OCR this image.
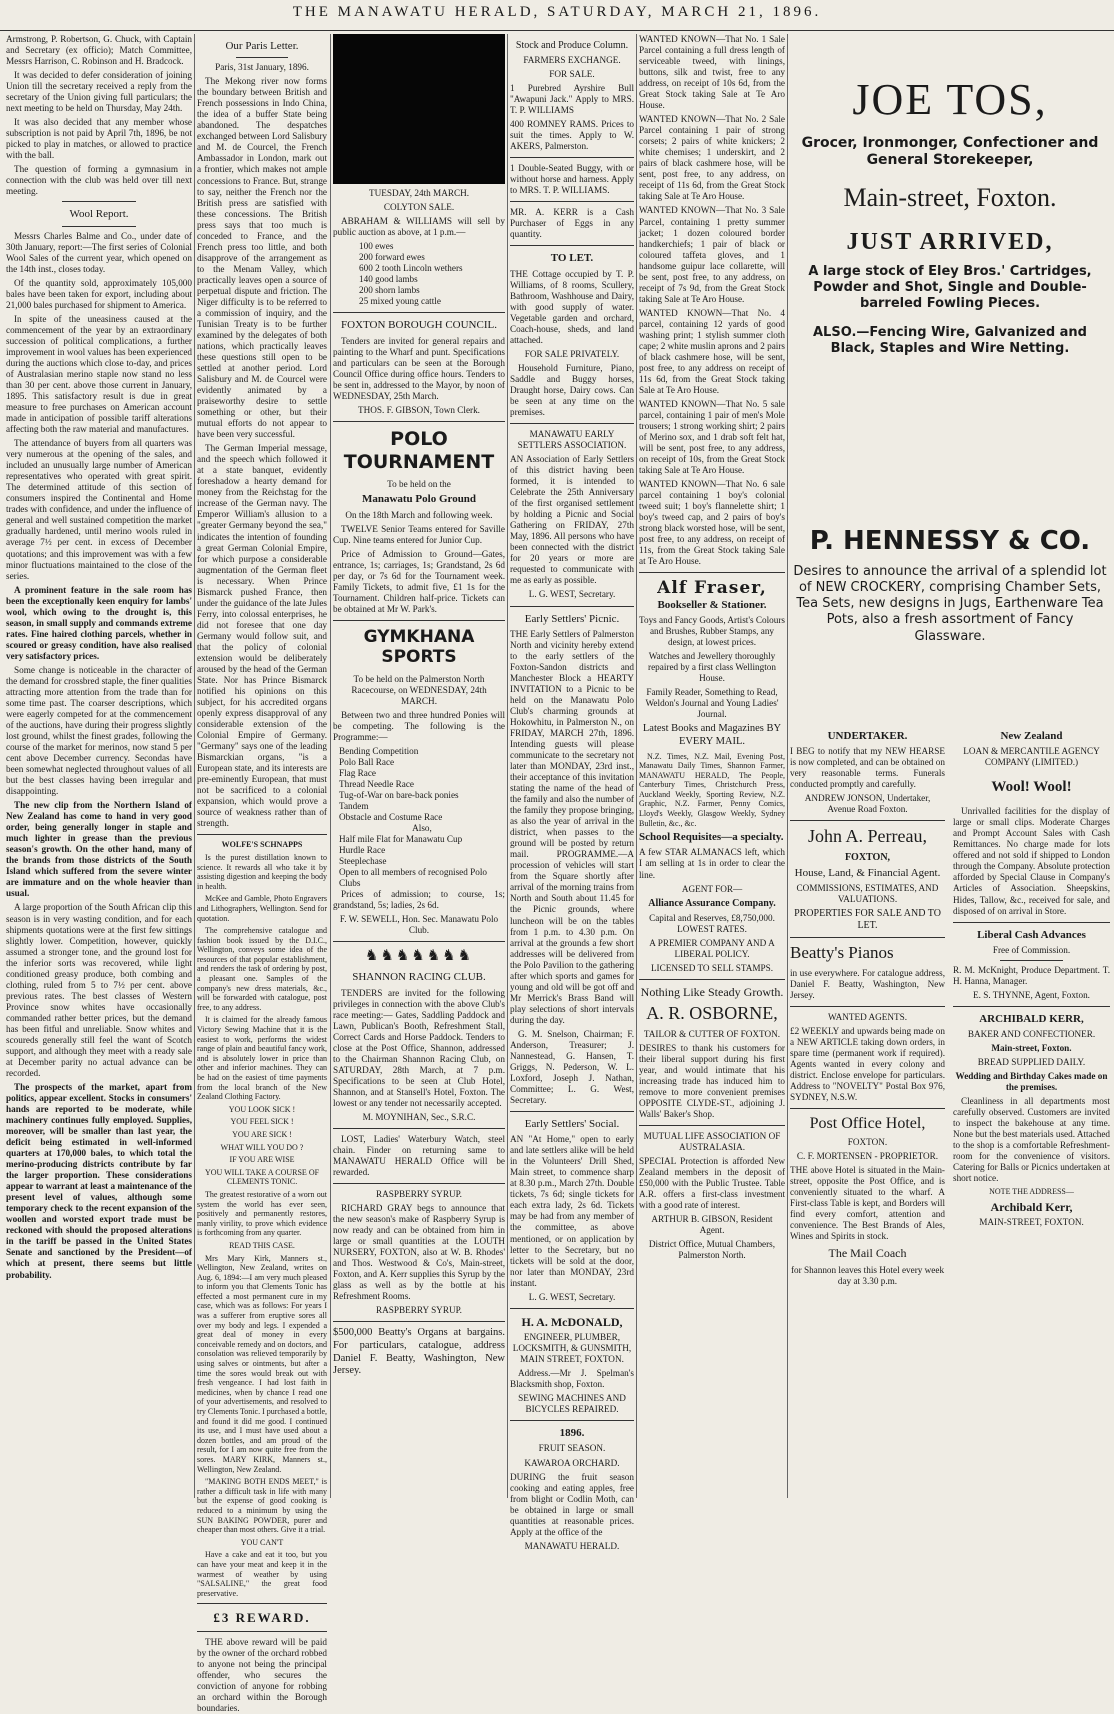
THE MANAWATU HERALD, SATURDAY, MARCH 21, 1896.

Armstrong, P. Robertson, G. Chuck, with Captain and Secretary (ex officio); Match Committee, Messrs Harrison, C. Robinson and H. Bradcock.

It was decided to defer consideration of joining Union till the secretary received a reply from the secretary of the Union giving full particulars; the next meeting to be held on Thursday, May 24th.

It was also decided that any member whose subscription is not paid by April 7th, 1896, be not picked to play in matches, or allowed to practice with the ball.

The question of forming a gymnasium in connection with the club was held over till next meeting.

Wool Report.

Messrs Charles Balme and Co., under date of 30th January, report:—The first series of Colonial Wool Sales of the current year, which opened on the 14th inst., closes today.

Of the quantity sold, approximately 105,000 bales have been taken for export, including about 21,000 bales purchased for shipment to America.

In spite of the uneasiness caused at the commencement of the year by an extraordinary succession of political complications, a further improvement in wool values has been experienced during the auctions which close to-day, and prices of Australasian merino staple now stand no less than 30 per cent. above those current in January, 1895. This satisfactory result is due in great measure to free purchases on American account made in anticipation of possible tariff alterations affecting both the raw material and manufactures.

The attendance of buyers from all quarters was very numerous at the opening of the sales, and included an unusually large number of American representatives who operated with great spirit. The determined attitude of this section of consumers inspired the Continental and Home trades with confidence, and under the influence of general and well sustained competition the market gradually hardened, until merino wools ruled in average 7½ per cent. in excess of December quotations; and this improvement was with a few minor fluctuations maintained to the close of the series.

A prominent feature in the sale room has been the exceptionally keen enquiry for lambs' wool, which owing to the drought is, this season, in small supply and commands extreme rates. Fine haired clothing parcels, whether in scoured or greasy condition, have also realised very satisfactory prices.

Some change is noticeable in the character of the demand for crossbred staple, the finer qualities attracting more attention from the trade than for some time past. The coarser descriptions, which were eagerly competed for at the commencement of the auctions, have during their progress slightly lost ground, whilst the finest grades, following the course of the market for merinos, now stand 5 per cent above December currency. Secondas have been somewhat neglected throughout values of all but the best classes having been irregular and disappointing.

The new clip from the Northern Island of New Zealand has come to hand in very good order, being generally longer in staple and much lighter in grease than the previous season's growth. On the other hand, many of the brands from those districts of the South Island which suffered from the severe winter are immature and on the whole heavier than usual.

A large proportion of the South African clip this season is in very wasting condition, and for each shipments quotations were at the first few sittings slightly lower. Competition, however, quickly assumed a stronger tone, and the ground lost for the inferior sorts was recovered, while light conditioned greasy produce, both combing and clothing, ruled from 5 to 7½ per cent. above previous rates. The best classes of Western Province snow whites have occasionally commanded rather better prices, but the demand has been fitful and unreliable. Snow whites and scoureds generally still feel the want of Scotch support, and although they meet with a ready sale at December parity no actual advance can be recorded.

The prospects of the market, apart from politics, appear excellent. Stocks in consumers' hands are reported to be moderate, while machinery continues fully employed. Supplies, moreover, will be smaller than last year, the deficit being estimated in well-informed quarters at 170,000 bales, to which total the merino-producing districts contribute by far the larger proportion. These considerations appear to warrant at least a maintenance of the present level of values, although some temporary check to the recent expansion of the woollen and worsted export trade must be reckoned with should the proposed alterations in the tariff be passed in the United States Senate and sanctioned by the President—of which at present, there seems but little probability.

Our Paris Letter.

Paris, 31st January, 1896.

The Mekong river now forms the boundary between British and French possessions in Indo China, the idea of a buffer State being abandoned. The despatches exchanged between Lord Salisbury and M. de Courcel, the French Ambassador in London, mark out a frontier, which makes not ample concessions to France. But, strange to say, neither the French nor the British press are satisfied with these concessions. The British press says that too much is conceded to France, and the French press too little, and both disapprove of the arrangement as to the Menam Valley, which practically leaves open a source of perpetual dispute and friction. The Niger difficulty is to be referred to a commission of inquiry, and the Tunisian Treaty is to be further examined by the delegates of both nations, which practically leaves these questions still open to be settled at another period. Lord Salisbury and M. de Courcel were evidently animated by a praiseworthy desire to settle something or other, but their mutual efforts do not appear to have been very successful.

The German Imperial message, and the speech which followed it at a state banquet, evidently foreshadow a hearty demand for money from the Reichstag for the increase of the German navy. The Emperor William's allusion to a "greater Germany beyond the sea," indicates the intention of founding a great German Colonial Empire, for which purpose a considerable augmentation of the German fleet is necessary. When Prince Bismarck pushed France, then under the guidance of the late Jules Ferry, into colossal enterprises, he did not foresee that one day Germany would follow suit, and that the policy of colonial extension would be deliberately aroused by the head of the German State. Nor has Prince Bismarck notified his opinions on this subject, for his accredited organs openly express disapproval of any considerable extension of the Colonial Empire of Germany. "Germany" says one of the leading Bismarckian organs, "is a European state, and its interests are pre-eminently European, that must not be sacrificed to a colonial expansion, which would prove a source of weakness rather than of strength.

WOLFE'S SCHNAPPS

Is the purest distillation known to science. It rewards all who take it by assisting digestion and keeping the body in health.

McKee and Gamble, Photo Engravers and Lithographers, Wellington. Send for quotation.

The comprehensive catalogue and fashion book issued by the D.I.C., Wellington, conveys some idea of the resources of that popular establishment, and renders the task of ordering by post, a pleasant one. Samples of the company's new dress materials, &c., will be forwarded with catalogue, post free, to any address.

It is claimed for the already famous Victory Sewing Machine that it is the easiest to work, performs the widest range of plain and beautiful fancy work, and is absolutely lower in price than other and inferior machines. They can be had on the easiest of time payments from the local branch of the New Zealand Clothing Factory.

YOU LOOK SICK !

YOU FEEL SICK !

YOU ARE SICK !

WHAT WILL YOU DO ?

IF YOU ARE WISE

YOU WILL TAKE A COURSE OF CLEMENTS TONIC.

The greatest restorative of a worn out system the world has ever seen, positively and permanently restores, manly virility, to prove which evidence is forthcoming from any quarter.

READ THIS CASE.

Mrs Mary Kirk, Manners st., Wellington, New Zealand, writes on Aug. 6, 1894:—I am very much pleased to inform you that Clements Tonic has effected a most permanent cure in my case, which was as follows: For years I was a sufferer from eruptive sores all over my body and legs. I expended a great deal of money in every conceivable remedy and on doctors, and consolation was relieved temporarily by using salves or ointments, but after a time the sores would break out with fresh vengeance. I had lost faith in medicines, when by chance I read one of your advertisements, and resolved to try Clements Tonic. I purchased a bottle, and found it did me good. I continued its use, and I must have used about a dozen bottles, and am proud of the result, for I am now quite free from the sores. MARY KIRK, Manners st., Wellington, New Zealand.

"MAKING BOTH ENDS MEET," is rather a difficult task in life with many but the expense of good cooking is reduced to a minimum by using the SUN BAKING POWDER, purer and cheaper than most others. Give it a trial.

YOU CAN'T

Have a cake and eat it too, but you can have your meat and keep it in the warmest of weather by using "SALSALINE," the great food preservative.

£3 REWARD.

THE above reward will be paid by the owner of the orchard robbed to anyone not being the principal offender, who secures the conviction of anyone for robbing an orchard within the Borough boundaries.

TUESDAY, 24th MARCH.

COLYTON SALE.

ABRAHAM & WILLIAMS will sell by public auction as above, at 1 p.m.—

100 ewes
200 forward ewes
600 2 tooth Lincoln wethers
140 good lambs
200 shorn lambs
25 mixed young cattle
FOXTON BOROUGH COUNCIL.

Tenders are invited for general repairs and painting to the Wharf and punt. Specifications and particulars can be seen at the Borough Council Office during office hours. Tenders to be sent in, addressed to the Mayor, by noon of WEDNESDAY, 25th March.

THOS. F. GIBSON, Town Clerk.

POLO TOURNAMENT

To be held on the

Manawatu Polo Ground

On the 18th March and following week.

TWELVE Senior Teams entered for Saville Cup. Nine teams entered for Junior Cup.

Price of Admission to Ground—Gates, entrance, 1s; carriages, 1s; Grandstand, 2s 6d per day, or 7s 6d for the Tournament week. Family Tickets, to admit five, £1 1s for the Tournament. Children half-price. Tickets can be obtained at Mr W. Park's.

GYMKHANA SPORTS

To be held on the Palmerston North Racecourse, on WEDNESDAY, 24th MARCH.

Between two and three hundred Ponies will be competing. The following is the Programme:—

Bending Competition
Polo Ball Race
Flag Race
Thread Needle Race
Tug-of-War on bare-back ponies
Tandem
Obstacle and Costume Race
Also,
Half mile Flat for Manawatu Cup
Hurdle Race
Steeplechase
Open to all members of recognised Polo Clubs

Prices of admission; to course, 1s; grandstand, 5s; ladies, 2s 6d.

F. W. SEWELL, Hon. Sec. Manawatu Polo Club.

♞♞♞♞♞♞♞
SHANNON RACING CLUB.

TENDERS are invited for the following privileges in connection with the above Club's race meeting:— Gates, Saddling Paddock and Lawn, Publican's Booth, Refreshment Stall, Correct Cards and Horse Paddock. Tenders to close at the Post Office, Shannon, addressed to the Chairman Shannon Racing Club, on SATURDAY, 28th March, at 7 p.m. Specifications to be seen at Club Hotel, Shannon, and at Stansell's Hotel, Foxton. The lowest or any tender not necessarily accepted.

M. MOYNIHAN, Sec., S.R.C.

LOST, Ladies' Waterbury Watch, steel chain. Finder on returning same to MANAWATU HERALD Office will be rewarded.

RASPBERRY SYRUP.

RICHARD GRAY begs to announce that the new season's make of Raspberry Syrup is now ready and can be obtained from him in large or small quantities at the LOUTH NURSERY, FOXTON, also at W. B. Rhodes' and Thos. Westwood & Co's, Main-street, Foxton, and A. Kerr supplies this Syrup by the glass as well as by the bottle at his Refreshment Rooms.

RASPBERRY SYRUP.

$500,000 Beatty's Organs at bargains. For particulars, catalogue, address Daniel F. Beatty, Washington, New Jersey.

Stock and Produce Column.

FARMERS EXCHANGE.

FOR SALE.

1 Purebred Ayrshire Bull "Awapuni Jack." Apply to MRS. T. P. WILLIAMS

400 ROMNEY RAMS. Prices to suit the times. Apply to W. AKERS, Palmerston.

1 Double-Seated Buggy, with or without horse and harness. Apply to MRS. T. P. WILLIAMS.

MR. A. KERR is a Cash Purchaser of Eggs in any quantity.

TO LET.

THE Cottage occupied by T. P. Williams, of 8 rooms, Scullery, Bathroom, Washhouse and Dairy, with good supply of water. Vegetable garden and orchard, Coach-house, sheds, and land attached.

FOR SALE PRIVATELY.

Household Furniture, Piano, Saddle and Buggy horses, Draught horse, Dairy cows. Can be seen at any time on the premises.

MANAWATU EARLY SETTLERS ASSOCIATION.

AN Association of Early Settlers of this district having been formed, it is intended to Celebrate the 25th Anniversary of the first organised settlement by holding a Picnic and Social Gathering on FRIDAY, 27th May, 1896. All persons who have been connected with the district for 20 years or more are requested to communicate with me as early as possible.

L. G. WEST, Secretary.

Early Settlers' Picnic.

THE Early Settlers of Palmerston North and vicinity hereby extend to the early settlers of the Foxton-Sandon districts and Manchester Block a HEARTY INVITATION to a Picnic to be held on the Manawatu Polo Club's charming grounds at Hokowhitu, in Palmerston N., on FRIDAY, MARCH 27th, 1896. Intending guests will please communicate to the secretary not later than MONDAY, 23rd inst., their acceptance of this invitation stating the name of the head of the family and also the number of the family they propose bringing, as also the year of arrival in the district, when passes to the ground will be posted by return mail. PROGRAMME.—A procession of vehicles will start from the Square shortly after arrival of the morning trains from North and South about 11.45 for the Picnic grounds, where luncheon will be on the tables from 1 p.m. to 4.30 p.m. On arrival at the grounds a few short addresses will be delivered from the Polo Pavilion to the gathering after which sports and games for young and old will be got off and Mr Merrick's Brass Band will play selections of short intervals during the day.

G. M. Snelson, Chairman; F. Anderson, Treasurer; J. Nannestead, G. Hansen, T. Griggs, N. Pederson, W. L. Loxford, Joseph J. Nathan, Committee; L. G. West, Secretary.

Early Settlers' Social.

AN "At Home," open to early and late settlers alike will be held in the Volunteers' Drill Shed, Main street, to commence sharp at 8.30 p.m., March 27th. Double tickets, 7s 6d; single tickets for each extra lady, 2s 6d. Tickets may be had from any member of the committee, as above mentioned, or on application by letter to the Secretary, but no tickets will be sold at the door, nor later than MONDAY, 23rd instant.

L. G. WEST, Secretary.

H. A. McDONALD,

ENGINEER, PLUMBER, LOCKSMITH, & GUNSMITH, MAIN STREET, FOXTON.

Address.—Mr J. Spelman's Blacksmith shop, Foxton.

SEWING MACHINES AND BICYCLES REPAIRED.

1896.

FRUIT SEASON.

KAWAROA ORCHARD.

DURING the fruit season cooking and eating apples, free from blight or Codlin Moth, can be obtained in large or small quantities at reasonable prices. Apply at the office of the

MANAWATU HERALD.

WANTED KNOWN—That No. 1 Sale Parcel containing a full dress length of serviceable tweed, with linings, buttons, silk and twist, free to any address, on receipt of 10s 6d, from the Great Stock taking Sale at Te Aro House.

WANTED KNOWN—That No. 2 Sale Parcel containing 1 pair of strong corsets; 2 pairs of white knickers; 2 white chemises; 1 underskirt, and 2 pairs of black cashmere hose, will be sent, post free, to any address, on receipt of 11s 6d, from the Great Stock taking Sale at Te Aro House.

WANTED KNOWN—That No. 3 Sale Parcel, containing 1 pretty summer jacket; 1 dozen coloured border handkerchiefs; 1 pair of black or coloured taffeta gloves, and 1 handsome guipur lace collarette, will be sent, post free, to any address, on receipt of 7s 9d, from the Great Stock taking Sale at Te Aro House.

WANTED KNOWN—That No. 4 parcel, containing 12 yards of good washing print; 1 stylish summer cloth cape; 2 white muslin aprons and 2 pairs of black cashmere hose, will be sent, post free, to any address on receipt of 11s 6d, from the Great Stock taking Sale at Te Aro House.

WANTED KNOWN—That No. 5 sale parcel, containing 1 pair of men's Mole trousers; 1 strong working shirt; 2 pairs of Merino sox, and 1 drab soft felt hat, will be sent, post free, to any address, on receipt of 10s, from the Great Stock taking Sale at Te Aro House.

WANTED KNOWN—That No. 6 sale parcel containing 1 boy's colonial tweed suit; 1 boy's flannelette shirt; 1 boy's tweed cap, and 2 pairs of boy's strong black worsted hose, will be sent, post free, to any address, on receipt of 11s, from the Great Stock taking Sale at Te Aro House.

Alf Fraser,

Bookseller & Stationer.

Toys and Fancy Goods, Artist's Colours and Brushes, Rubber Stamps, any design, at lowest prices.

Watches and Jewellery thoroughly repaired by a first class Wellington House.

Family Reader, Something to Read, Weldon's Journal and Young Ladies' Journal.

Latest Books and Magazines BY EVERY MAIL.

N.Z. Times, N.Z. Mail, Evening Post, Manawatu Daily Times, Shannon Farmer, MANAWATU HERALD, The People, Canterbury Times, Christchurch Press, Auckland Weekly, Sporting Review, N.Z. Graphic, N.Z. Farmer, Penny Comics, Lloyd's Weekly, Glasgow Weekly, Sydney Bulletin, &c., &c.

School Requisites—a specialty.

A few STAR ALMANACS left, which I am selling at 1s in order to clear the line.

AGENT FOR—

Alliance Assurance Company.

Capital and Reserves, £8,750,000. LOWEST RATES.

A PREMIER COMPANY AND A LIBERAL POLICY.

LICENSED TO SELL STAMPS.

Nothing Like Steady Growth.
A. R. OSBORNE,

TAILOR & CUTTER OF FOXTON.

DESIRES to thank his customers for their liberal support during his first year, and would intimate that his increasing trade has induced him to remove to more convenient premises OPPOSITE CLYDE-ST., adjoining J. Walls' Baker's Shop.

MUTUAL LIFE ASSOCIATION OF AUSTRALASIA.

SPECIAL Protection is afforded New Zealand members in the deposit of £50,000 with the Public Trustee. Table A.R. offers a first-class investment with a good rate of interest.

ARTHUR B. GIBSON, Resident Agent.

District Office, Mutual Chambers, Palmerston North.

JOE TOS,
Grocer, Ironmonger, Confectioner and General Storekeeper,
Main-street, Foxton.
JUST ARRIVED,
A large stock of Eley Bros.' Cartridges, Powder and Shot, Single and Double-barreled Fowling Pieces.
ALSO.—Fencing Wire, Galvanized and Black, Staples and Wire Netting.
P. HENNESSY & CO.
Desires to announce the arrival of a splendid lot of NEW CROCKERY, comprising Chamber Sets, Tea Sets, new designs in Jugs, Earthenware Tea Pots, also a fresh assortment of Fancy Glassware.
UNDERTAKER.

I BEG to notify that my NEW HEARSE is now completed, and can be obtained on very reasonable terms. Funerals conducted promptly and carefully.

ANDREW JONSON, Undertaker, Avenue Road Foxton.

John A. Perreau,

FOXTON,

House, Land, & Financial Agent.

COMMISSIONS, ESTIMATES, AND VALUATIONS.

PROPERTIES FOR SALE AND TO LET.

Beatty's Pianos

in use everywhere. For catalogue address, Daniel F. Beatty, Washington, New Jersey.

WANTED AGENTS.

£2 WEEKLY and upwards being made on a NEW ARTICLE taking down orders, in spare time (permanent work if required). Agents wanted in every colony and district. Enclose envelope for particulars. Address to "NOVELTY" Postal Box 976, SYDNEY, N.S.W.

Post Office Hotel,

FOXTON.

C. F. MORTENSEN - PROPRIETOR.

THE above Hotel is situated in the Main-street, opposite the Post Office, and is conveniently situated to the wharf. A First-class Table is kept, and Borders will find every comfort, attention and convenience. The Best Brands of Ales, Wines and Spirits in stock.

The Mail Coach

for Shannon leaves this Hotel every week day at 3.30 p.m.

New Zealand

LOAN & MERCANTILE AGENCY COMPANY (LIMITED.)

Wool! Wool!

Unrivalled facilities for the display of large or small clips. Moderate Charges and Prompt Account Sales with Cash Remittances. No charge made for lots offered and not sold if shipped to London through the Company. Absolute protection afforded by Special Clause in Company's Articles of Association. Sheepskins, Hides, Tallow, &c., received for sale, and disposed of on arrival in Store.

Liberal Cash Advances

Free of Commission.

R. M. McKnight, Produce Department. T. H. Hanna, Manager.

E. S. THYNNE, Agent, Foxton.

ARCHIBALD KERR,

BAKER AND CONFECTIONER.

Main-street, Foxton.

BREAD SUPPLIED DAILY.

Wedding and Birthday Cakes made on the premises.

Cleanliness in all departments most carefully observed. Customers are invited to inspect the bakehouse at any time. None but the best materials used. Attached to the shop is a comfortable Refreshment-room for the convenience of visitors. Catering for Balls or Picnics undertaken at short notice.

NOTE THE ADDRESS—

Archibald Kerr,

MAIN-STREET, FOXTON.
